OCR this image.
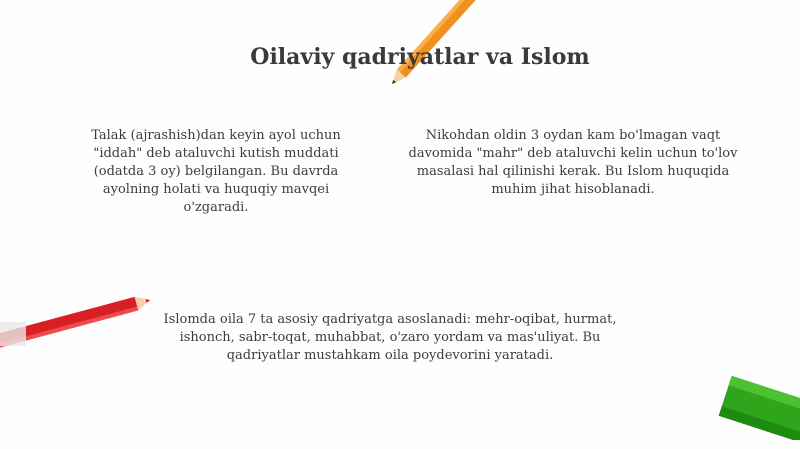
Oilaviy qadriyatlar va Islom

Talak (ajrashish)dan keyin ayol uchun "iddah" deb ataluvchi kutish muddati (odatda 3 oy) belgilangan. Bu davrda ayolning holati va huquqiy mavqei o'zgaradi.

Nikohdan oldin 3 oydan kam bo'lmagan vaqt davomida "mahr" deb ataluvchi kelin uchun to'lov masalasi hal qilinishi kerak. Bu Islom huquqida muhim jihat hisoblanadi.

Islomda oila 7 ta asosiy qadriyatga asoslanadi: mehr-oqibat, hurmat, ishonch, sabr-toqat, muhabbat, o'zaro yordam va mas'uliyat. Bu qadriyatlar mustahkam oila poydevorini yaratadi.
